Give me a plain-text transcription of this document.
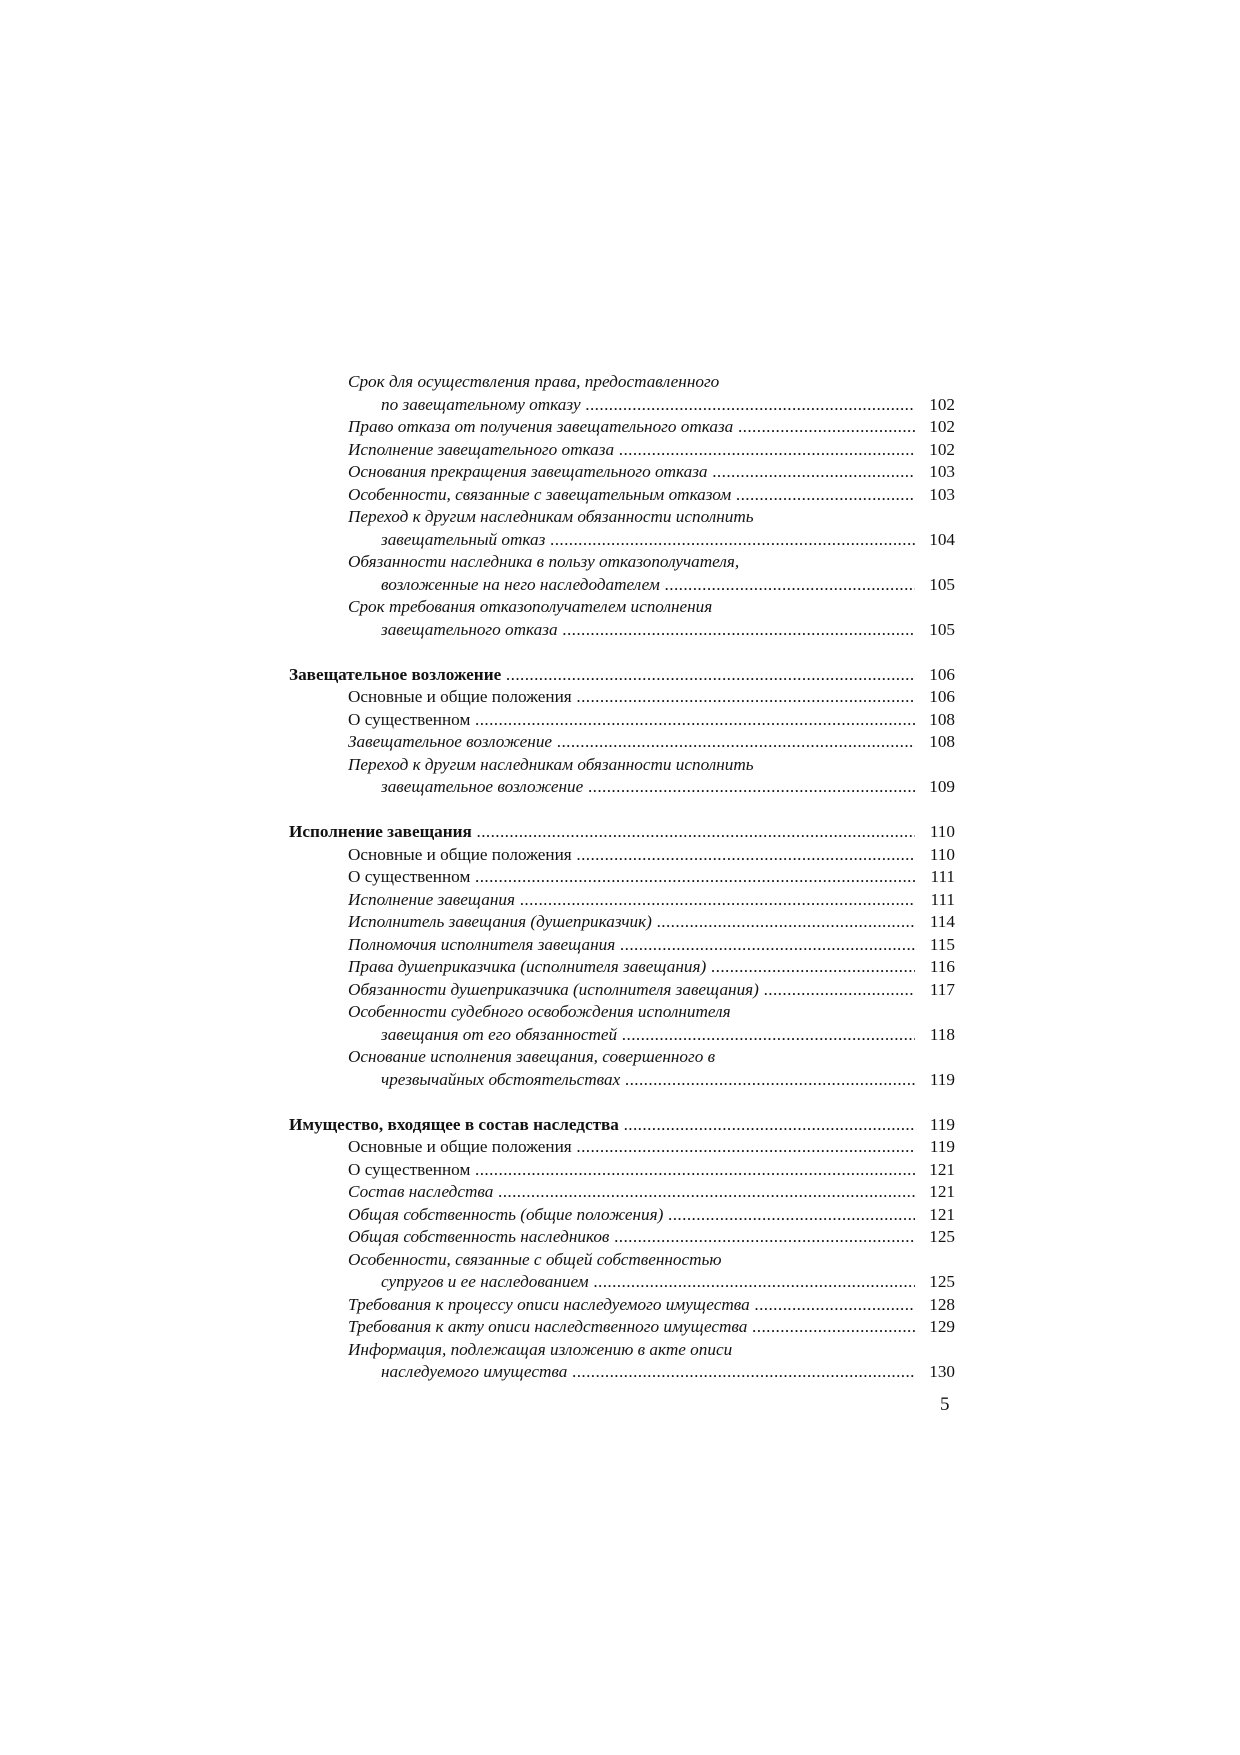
Срок для осуществления права, предоставленного
по завещательному отказу .....	102
Право отказа от получения завещательного отказа .....	102
Исполнение завещательного отказа .....	102
Основания прекращения завещательного отказа .....	103
Особенности, связанные с завещательным отказом .....	103
Переход к другим наследникам обязанности исполнить
завещательный отказ .....	104
Обязанности наследника в пользу отказополучателя,
возложенные на него наследодателем .....	105
Срок требования отказополучателем исполнения
завещательного отказа .....	105
Завещательное возложение .....	106
Основные и общие положения .....	106
О существенном .....	108
Завещательное возложение .....	108
Переход к другим наследникам обязанности исполнить
завещательное возложение .....	109
Исполнение завещания .....	110
Основные и общие положения .....	110
О существенном .....	111
Исполнение завещания .....	111
Исполнитель завещания (душеприказчик) .....	114
Полномочия исполнителя завещания .....	115
Права душеприказчика (исполнителя завещания) .....	116
Обязанности душеприказчика (исполнителя завещания) .....	117
Особенности судебного освобождения исполнителя
завещания от его обязанностей .....	118
Основание исполнения завещания, совершенного в
чрезвычайных обстоятельствах .....	119
Имущество, входящее в состав наследства .....	119
Основные и общие положения .....	119
О существенном .....	121
Состав наследства .....	121
Общая собственность (общие положения) .....	121
Общая собственность наследников .....	125
Особенности, связанные с общей собственностью
супругов и ее наследованием .....	125
Требования к процессу описи наследуемого имущества .....	128
Требования к акту описи наследственного имущества .....	129
Информация, подлежащая изложению в акте описи
наследуемого имущества .....	130
5
